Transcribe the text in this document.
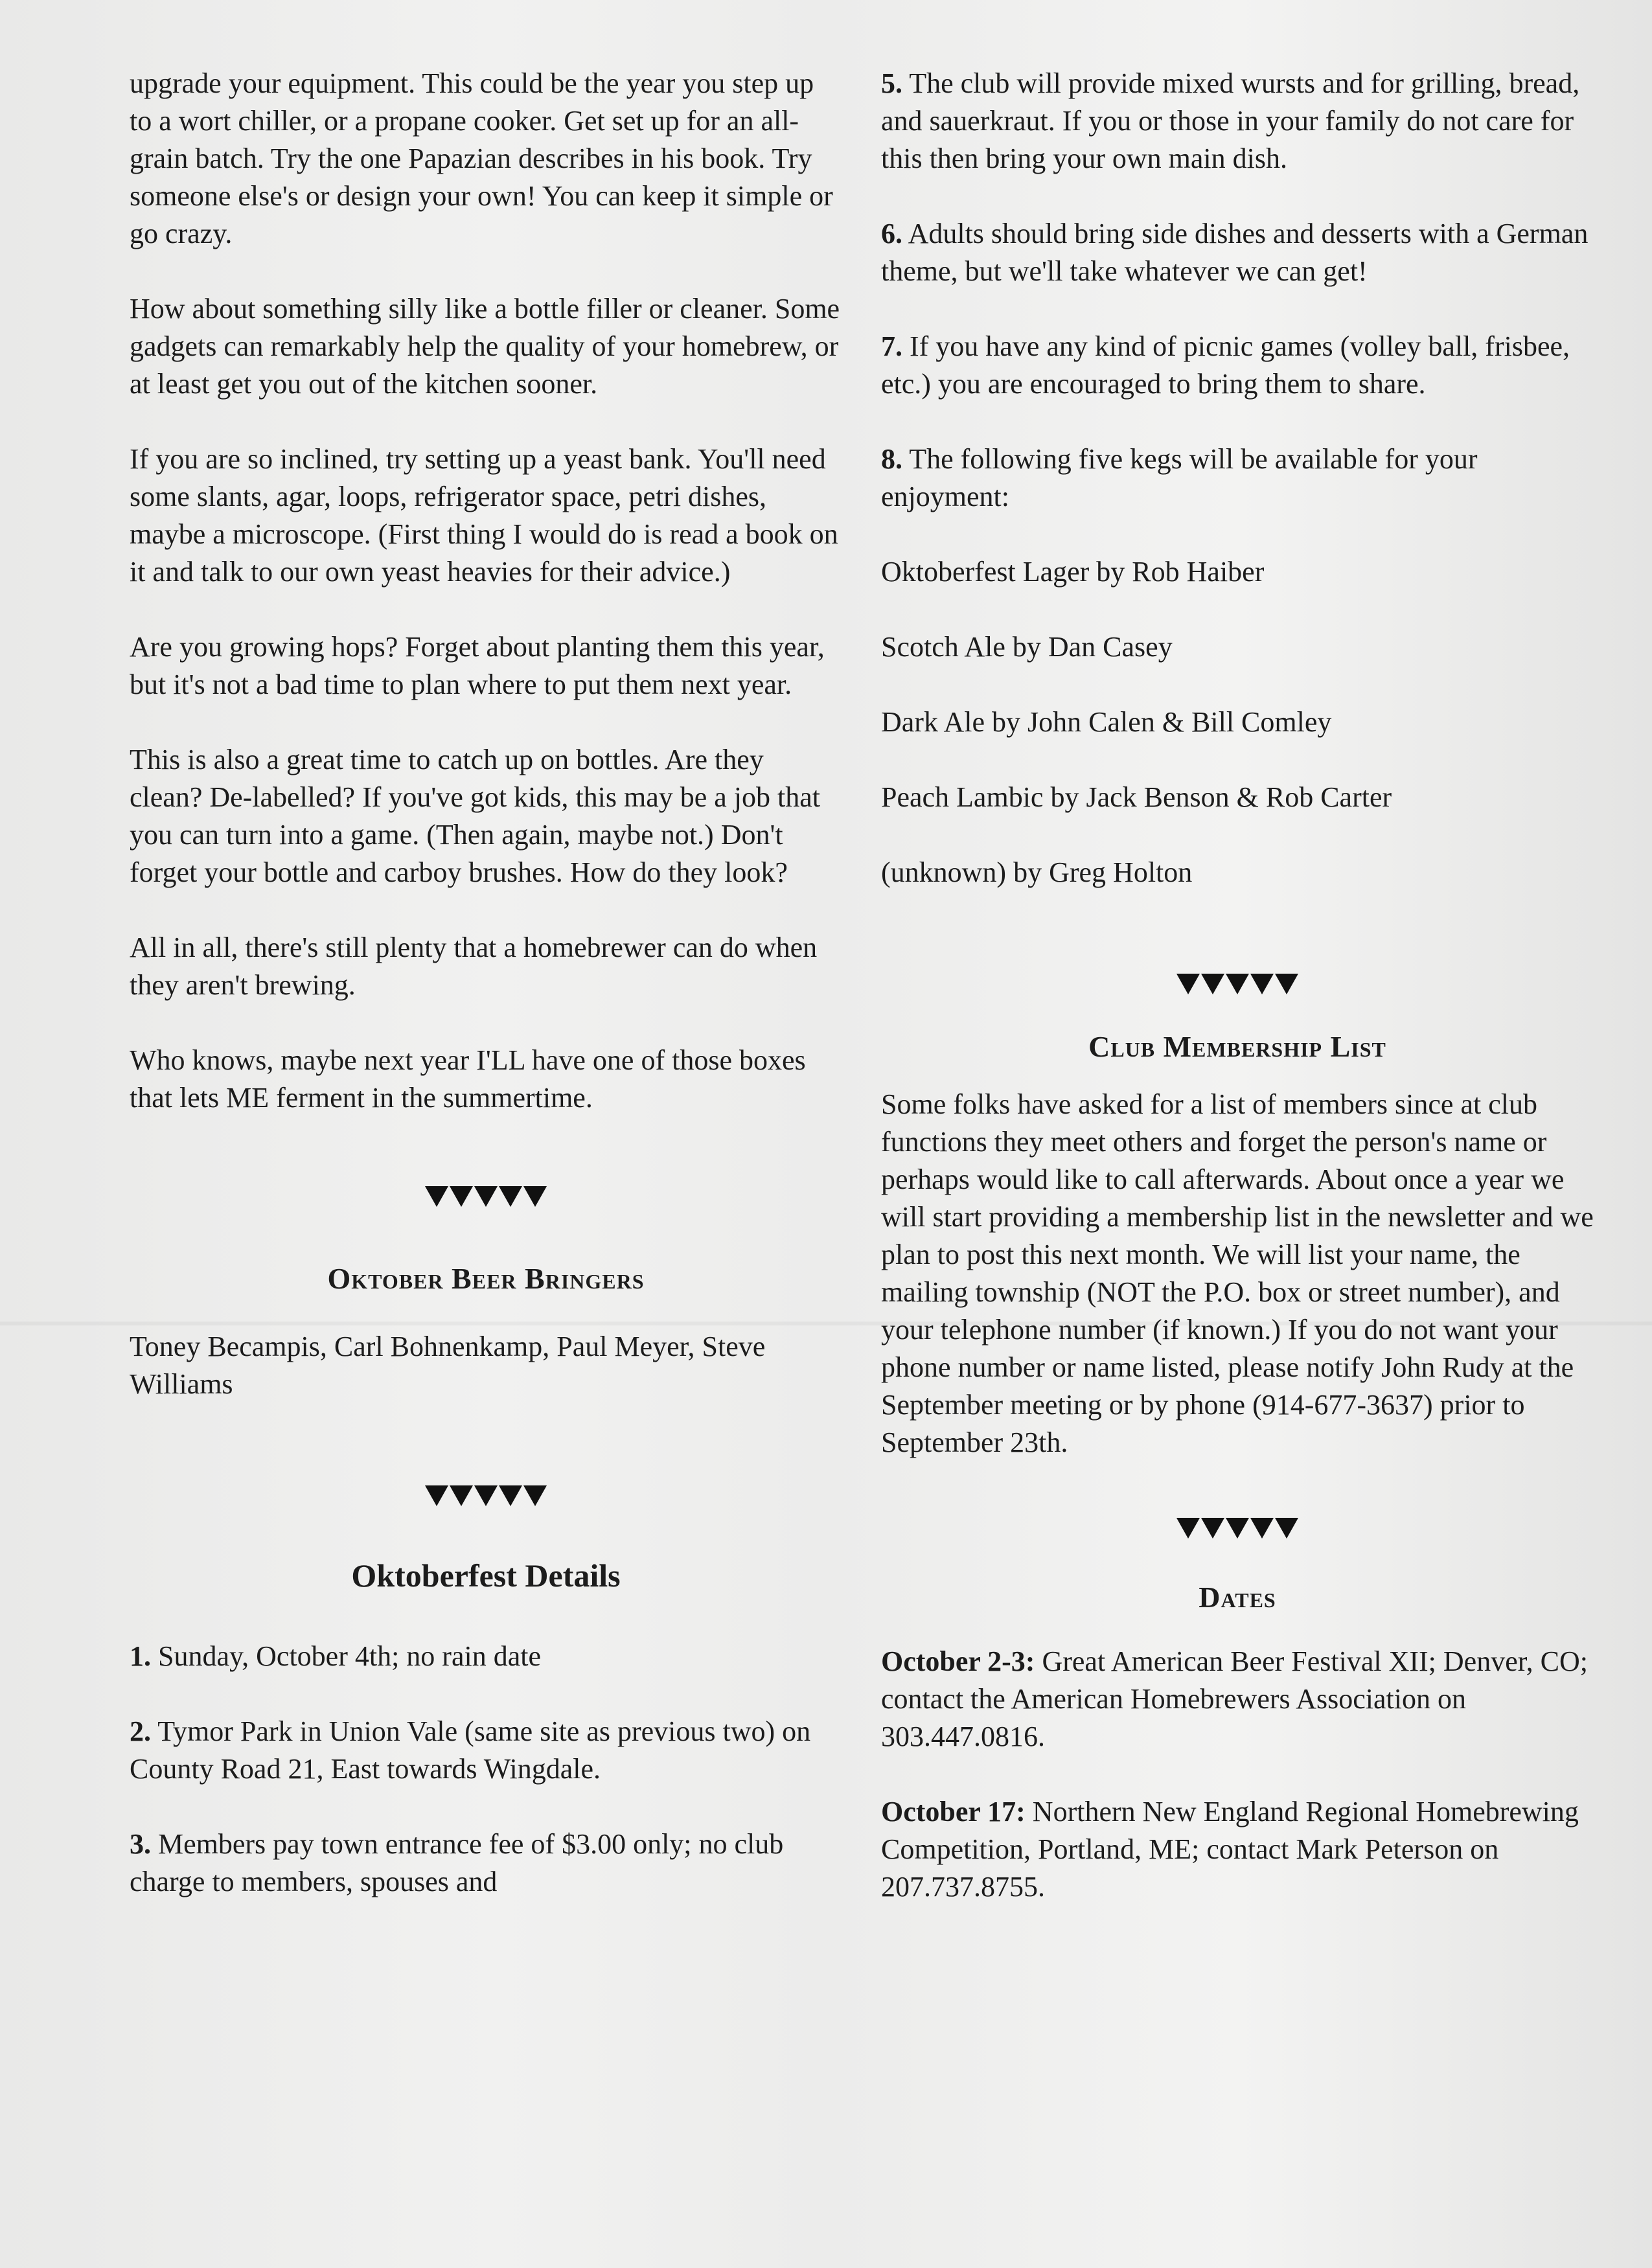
upgrade your equipment. This could be the year you step up to a wort chiller, or a propane cooker. Get set up for an all-grain batch. Try the one Papazian describes in his book. Try someone else's or design your own! You can keep it simple or go crazy.

How about something silly like a bottle filler or cleaner. Some gadgets can remarkably help the quality of your homebrew, or at least get you out of the kitchen sooner.

If you are so inclined, try setting up a yeast bank. You'll need some slants, agar, loops, refrigerator space, petri dishes, maybe a microscope. (First thing I would do is read a book on it and talk to our own yeast heavies for their advice.)

Are you growing hops? Forget about planting them this year, but it's not a bad time to plan where to put them next year.

This is also a great time to catch up on bottles. Are they clean? De-labelled? If you've got kids, this may be a job that you can turn into a game. (Then again, maybe not.) Don't forget your bottle and carboy brushes. How do they look?

All in all, there's still plenty that a homebrewer can do when they aren't brewing.

Who knows, maybe next year I'LL have one of those boxes that lets ME ferment in the summertime.

Oktober Beer Bringers

Toney Becampis, Carl Bohnenkamp, Paul Meyer, Steve Williams

Oktoberfest Details

1. Sunday, October 4th; no rain date

2. Tymor Park in Union Vale (same site as previous two) on County Road 21, East towards Wingdale.

3. Members pay town entrance fee of $3.00 only; no club charge to members, spouses and

5. The club will provide mixed wursts and for grilling, bread, and sauerkraut. If you or those in your family do not care for this then bring your own main dish.

6. Adults should bring side dishes and desserts with a German theme, but we'll take whatever we can get!

7. If you have any kind of picnic games (volley ball, frisbee, etc.) you are encouraged to bring them to share.

8. The following five kegs will be available for your enjoyment:

Oktoberfest Lager by Rob Haiber

Scotch Ale by Dan Casey

Dark Ale by John Calen & Bill Comley

Peach Lambic by Jack Benson & Rob Carter

(unknown) by Greg Holton

Club Membership List

Some folks have asked for a list of members since at club functions they meet others and forget the person's name or perhaps would like to call afterwards. About once a year we will start providing a membership list in the newsletter and we plan to post this next month. We will list your name, the mailing township (NOT the P.O. box or street number), and your telephone number (if known.) If you do not want your phone number or name listed, please notify John Rudy at the September meeting or by phone (914-677-3637) prior to September 23th.

Dates

October 2-3: Great American Beer Festival XII; Denver, CO; contact the American Homebrewers Association on 303.447.0816.

October 17: Northern New England Regional Homebrewing Competition, Portland, ME; contact Mark Peterson on 207.737.8755.
